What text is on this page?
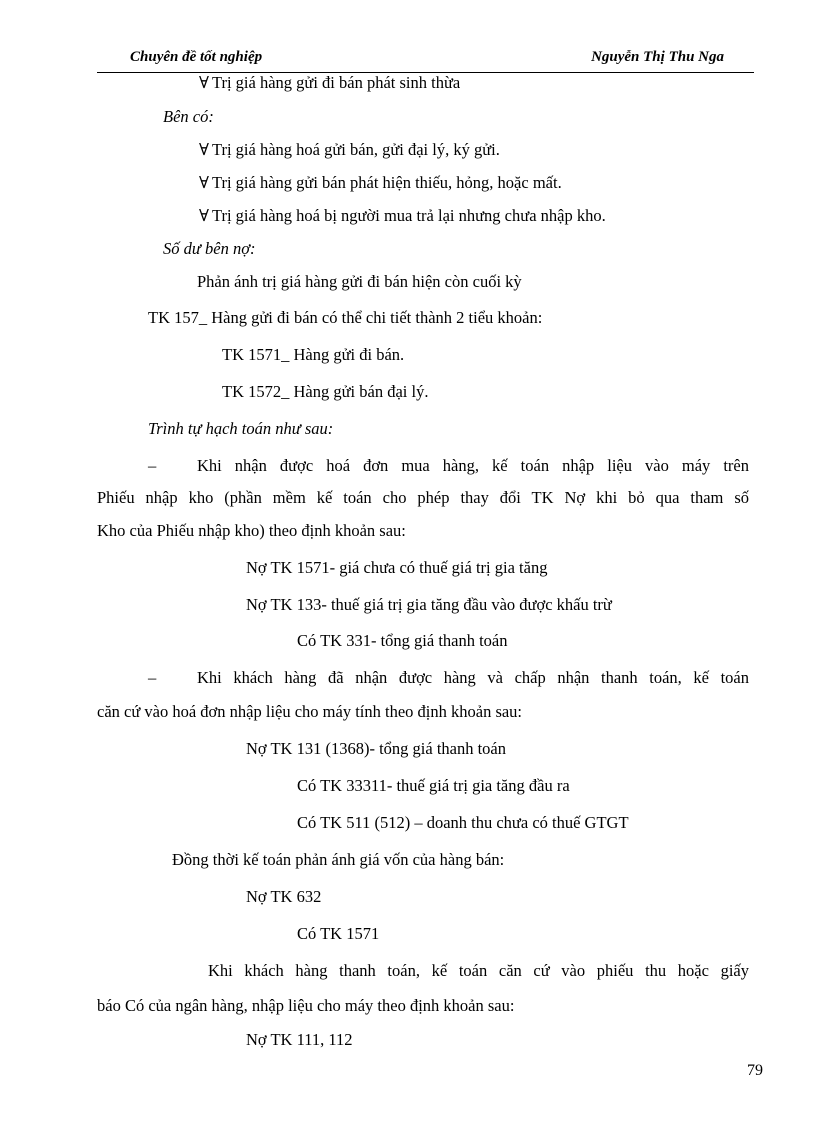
Chuyên đề tốt nghiệp	Nguyễn Thị Thu Nga
∀ Trị giá hàng gửi đi bán phát sinh thừa
Bên có:
∀ Trị giá hàng hoá gửi bán, gửi đại lý, ký gửi.
∀ Trị giá hàng gửi bán phát hiện thiếu, hỏng, hoặc mất.
∀ Trị giá hàng hoá bị người mua trả lại nhưng chưa nhập kho.
Số dư bên nợ:
Phản ánh trị giá hàng gửi đi bán hiện còn cuối kỳ
TK 157_ Hàng gửi đi bán có thể chi tiết thành 2 tiểu khoản:
TK 1571_ Hàng gửi đi bán.
TK 1572_ Hàng gửi bán đại lý.
Trình tự hạch toán như sau:
– Khi nhận được hoá đơn mua hàng, kế toán nhập liệu vào máy trên
Phiếu nhập kho (phần mềm kế toán cho phép thay đổi TK Nợ khi bỏ qua tham số
Kho của Phiếu nhập kho) theo định khoản sau:
Nợ TK 1571- giá chưa có thuế giá trị gia tăng
Nợ TK 133- thuế giá trị gia tăng đầu vào được khấu trừ
Có TK 331- tổng giá thanh toán
– Khi khách hàng đã nhận được hàng và chấp nhận thanh toán, kế toán
căn cứ vào hoá đơn nhập liệu cho máy tính theo định khoản sau:
Nợ TK 131 (1368)- tổng giá thanh toán
Có TK 33311- thuế giá trị gia tăng đầu ra
Có TK 511 (512) – doanh thu chưa có thuế GTGT
Đồng thời kế toán phản ánh giá vốn của hàng bán:
Nợ TK 632
Có TK 1571
Khi khách hàng thanh toán, kế toán căn cứ vào phiếu thu hoặc giấy
báo Có của ngân hàng, nhập liệu cho máy theo định khoản sau:
Nợ TK 111, 112
79
